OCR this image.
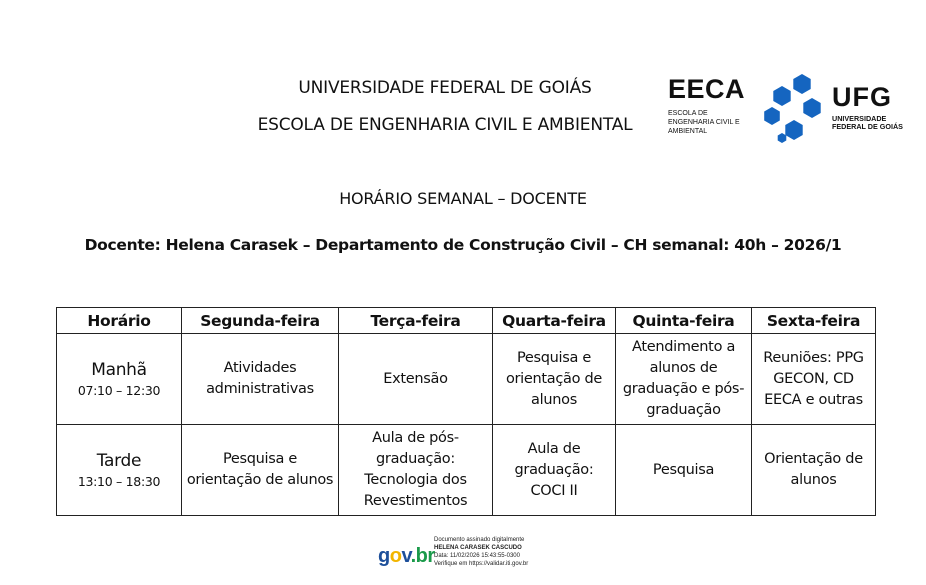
UNIVERSIDADE FEDERAL DE GOIÁS
ESCOLA DE ENGENHARIA CIVIL E AMBIENTAL
EECA
ESCOLA DE
ENGENHARIA CIVIL E
AMBIENTAL
UFG
UNIVERSIDADE
FEDERAL DE GOIÁS
HORÁRIO SEMANAL – DOCENTE
Docente: Helena Carasek – Departamento de Construção Civil – CH semanal: 40h – 2026/1
Horário	Segunda-feira	Terça-feira	Quarta-feira	Quinta-feira	Sexta-feira

Manhã
07:10 – 12:30	Atividades administrativas	Extensão	Pesquisa e orientação de alunos	Atendimento a alunos de graduação e pós-graduação	Reuniões: PPG GECON, CD EECA e outras

Tarde
13:10 – 18:30	Pesquisa e orientação de alunos	Aula de pós-graduação: Tecnologia dos Revestimentos	Aula de graduação: COCI II	Pesquisa	Orientação de alunos
gov.br
Documento assinado digitalmente
HELENA CARASEK CASCUDO
Data: 11/02/2026 15:43:55-0300
Verifique em https://validar.iti.gov.br
